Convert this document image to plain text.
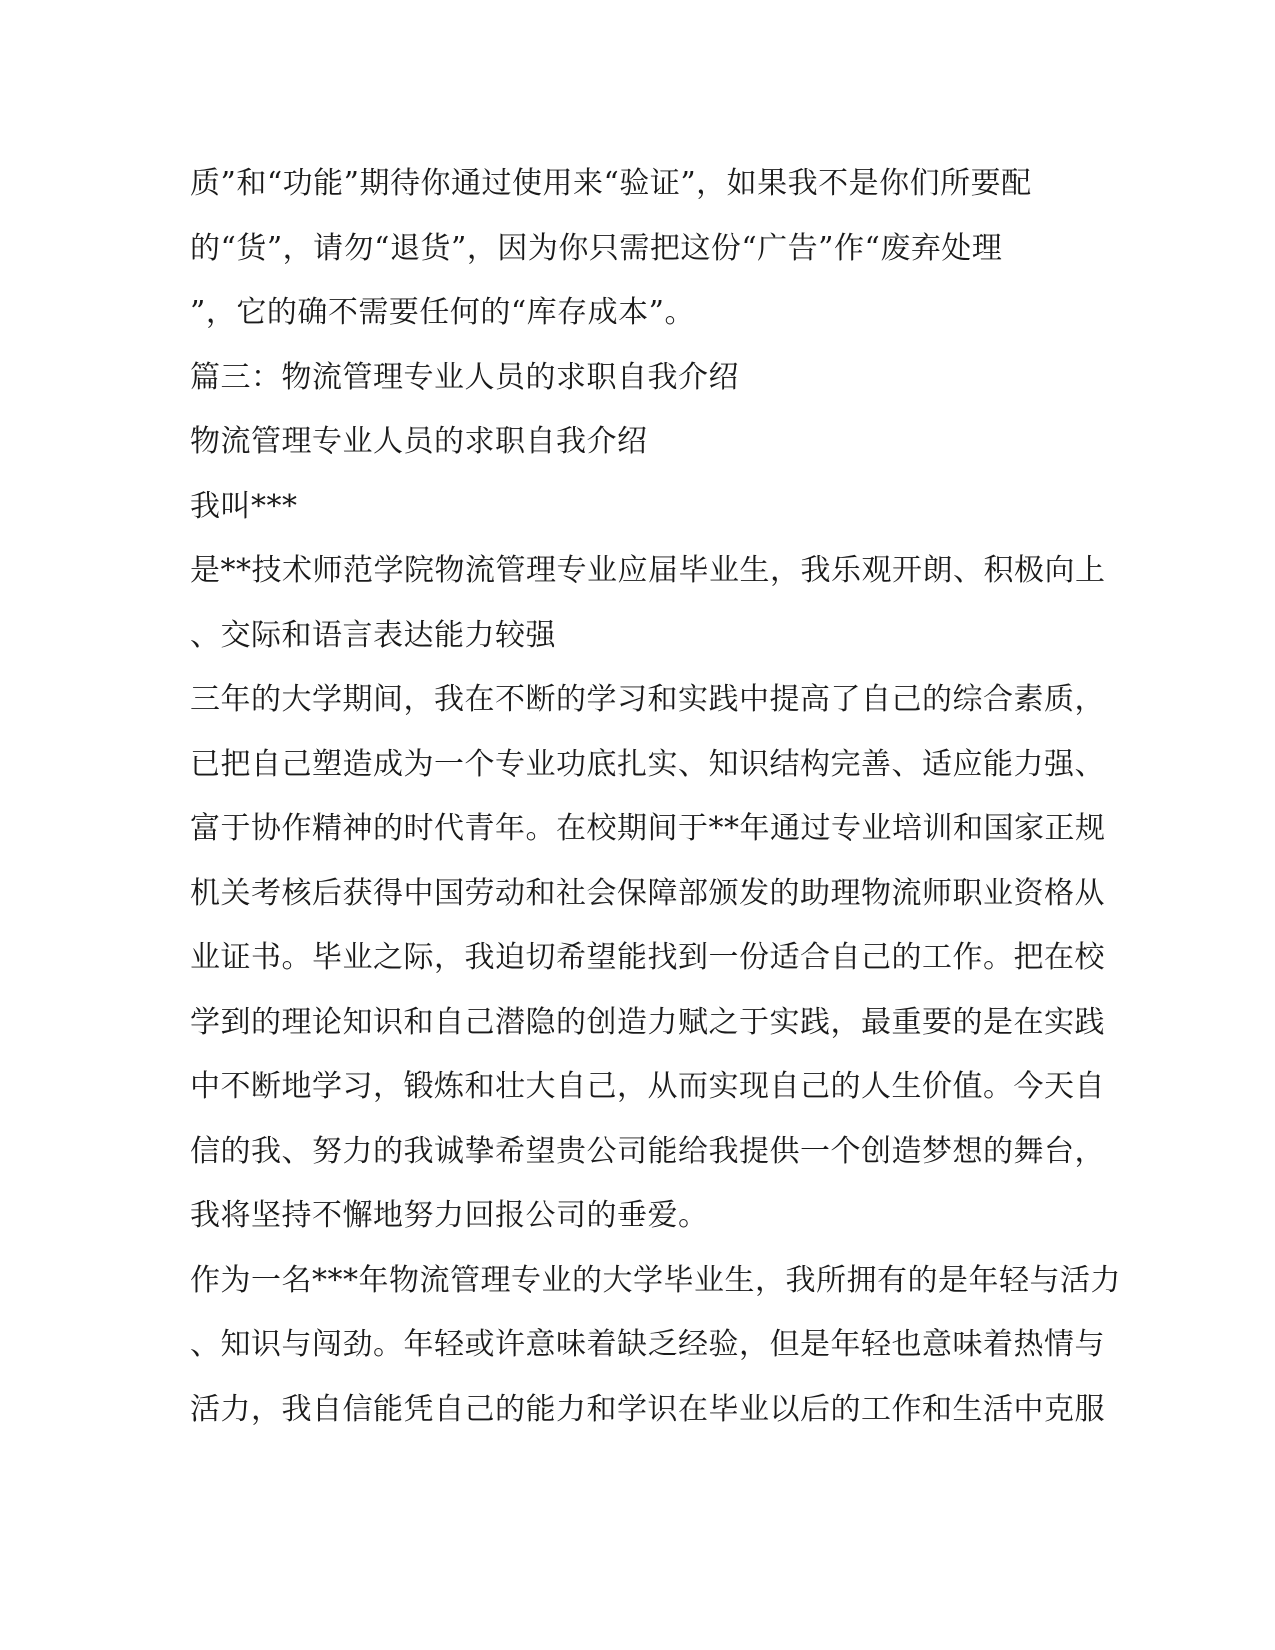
质”和“功能”期待你通过使用来“验证”，如果我不是你们所要配
的“货”，请勿“退货”，因为你只需把这份“广告”作“废弃处理
”，它的确不需要任何的“库存成本”。
篇三：物流管理专业人员的求职自我介绍
物流管理专业人员的求职自我介绍
我叫***
是**技术师范学院物流管理专业应届毕业生，我乐观开朗、积极向上
、交际和语言表达能力较强
三年的大学期间，我在不断的学习和实践中提高了自己的综合素质，
已把自己塑造成为一个专业功底扎实、知识结构完善、适应能力强、
富于协作精神的时代青年。在校期间于**年通过专业培训和国家正规
机关考核后获得中国劳动和社会保障部颁发的助理物流师职业资格从
业证书。毕业之际，我迫切希望能找到一份适合自己的工作。把在校
学到的理论知识和自己潜隐的创造力赋之于实践，最重要的是在实践
中不断地学习，锻炼和壮大自己，从而实现自己的人生价值。今天自
信的我、努力的我诚挚希望贵公司能给我提供一个创造梦想的舞台，
我将坚持不懈地努力回报公司的垂爱。
作为一名***年物流管理专业的大学毕业生，我所拥有的是年轻与活力
、知识与闯劲。年轻或许意味着缺乏经验，但是年轻也意味着热情与
活力，我自信能凭自己的能力和学识在毕业以后的工作和生活中克服
